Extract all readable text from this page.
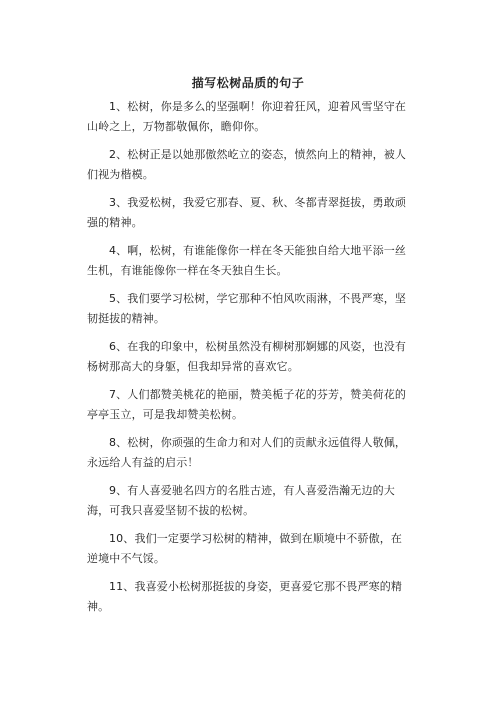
描写松树品质的句子

1、松树，你是多么的坚强啊！你迎着狂风，迎着风雪坚守在山岭之上，万物都敬佩你，瞻仰你。

2、松树正是以她那傲然屹立的姿态，愤然向上的精神，被人们视为楷模。

3、我爱松树，我爱它那春、夏、秋、冬都青翠挺拔，勇敢顽强的精神。

4、啊，松树，有谁能像你一样在冬天能独自给大地平添一丝生机，有谁能像你一样在冬天独自生长。

5、我们要学习松树，学它那种不怕风吹雨淋，不畏严寒，坚韧挺拔的精神。

6、在我的印象中，松树虽然没有柳树那婀娜的风姿，也没有杨树那高大的身躯，但我却异常的喜欢它。

7、人们都赞美桃花的艳丽，赞美栀子花的芬芳，赞美荷花的亭亭玉立，可是我却赞美松树。

8、松树，你顽强的生命力和对人们的贡献永远值得人敬佩，永远给人有益的启示！

9、有人喜爱驰名四方的名胜古迹，有人喜爱浩瀚无边的大海，可我只喜爱坚韧不拔的松树。

10、我们一定要学习松树的精神，做到在顺境中不骄傲，在逆境中不气馁。

11、我喜爱小松树那挺拔的身姿，更喜爱它那不畏严寒的精神。
